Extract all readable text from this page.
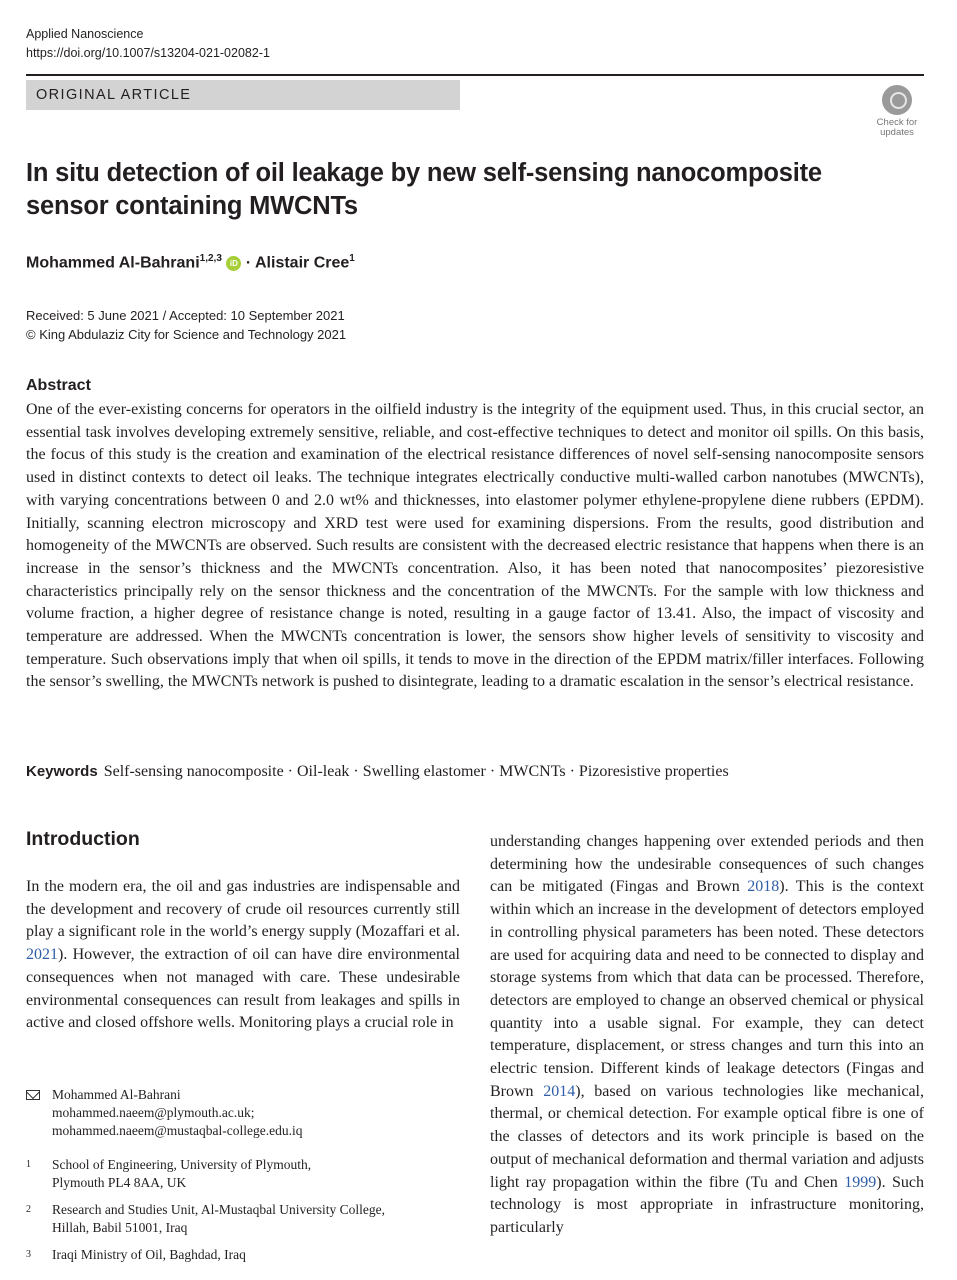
Applied Nanoscience
https://doi.org/10.1007/s13204-021-02082-1
ORIGINAL ARTICLE
Check for
updates
In situ detection of oil leakage by new self-sensing nanocomposite sensor containing MWCNTs
Mohammed Al-Bahrani$^{1,2,3}$ iD · Alistair Cree$^1$
Received: 5 June 2021 / Accepted: 10 September 2021
© King Abdulaziz City for Science and Technology 2021
Abstract
One of the ever-existing concerns for operators in the oilfield industry is the integrity of the equipment used. Thus, in this crucial sector, an essential task involves developing extremely sensitive, reliable, and cost-effective techniques to detect and monitor oil spills. On this basis, the focus of this study is the creation and examination of the electrical resistance differences of novel self-sensing nanocomposite sensors used in distinct contexts to detect oil leaks. The technique integrates electrically conductive multi-walled carbon nanotubes (MWCNTs), with varying concentrations between 0 and 2.0 wt% and thicknesses, into elastomer polymer ethylene-propylene diene rubbers (EPDM). Initially, scanning electron microscopy and XRD test were used for examining dispersions. From the results, good distribution and homogeneity of the MWCNTs are observed. Such results are consistent with the decreased electric resistance that happens when there is an increase in the sensor’s thickness and the MWCNTs concentration. Also, it has been noted that nanocomposites’ piezoresistive characteristics principally rely on the sensor thickness and the concentration of the MWCNTs. For the sample with low thickness and volume fraction, a higher degree of resistance change is noted, resulting in a gauge factor of 13.41. Also, the impact of viscosity and temperature are addressed. When the MWCNTs concentration is lower, the sensors show higher levels of sensitivity to viscosity and temperature. Such observations imply that when oil spills, it tends to move in the direction of the EPDM matrix/filler interfaces. Following the sensor’s swelling, the MWCNTs network is pushed to disintegrate, leading to a dramatic escalation in the sensor’s electrical resistance.
Keywords Self-sensing nanocomposite · Oil-leak · Swelling elastomer · MWCNTs · Pizoresistive properties
Introduction
In the modern era, the oil and gas industries are indispensable and the development and recovery of crude oil resources currently still play a significant role in the world’s energy supply (Mozaffari et al. 2021). However, the extraction of oil can have dire environmental consequences when not managed with care. These undesirable environmental consequences can result from leakages and spills in active and closed offshore wells. Monitoring plays a crucial role in
understanding changes happening over extended periods and then determining how the undesirable consequences of such changes can be mitigated (Fingas and Brown 2018). This is the context within which an increase in the development of detectors employed in controlling physical parameters has been noted. These detectors are used for acquiring data and need to be connected to display and storage systems from which that data can be processed. Therefore, detectors are employed to change an observed chemical or physical quantity into a usable signal. For example, they can detect temperature, displacement, or stress changes and turn this into an electric tension. Different kinds of leakage detectors (Fingas and Brown 2014), based on various technologies like mechanical, thermal, or chemical detection. For example optical fibre is one of the classes of detectors and its work principle is based on the output of mechanical deformation and thermal variation and adjusts light ray propagation within the fibre (Tu and Chen 1999). Such technology is most appropriate in infrastructure monitoring, particularly
Mohammed Al-Bahrani
mohammed.naeem@plymouth.ac.uk;
mohammed.naeem@mustaqbal-college.edu.iq
1 School of Engineering, University of Plymouth,
Plymouth PL4 8AA, UK
2 Research and Studies Unit, Al-Mustaqbal University College,
Hillah, Babil 51001, Iraq
3 Iraqi Ministry of Oil, Baghdad, Iraq
